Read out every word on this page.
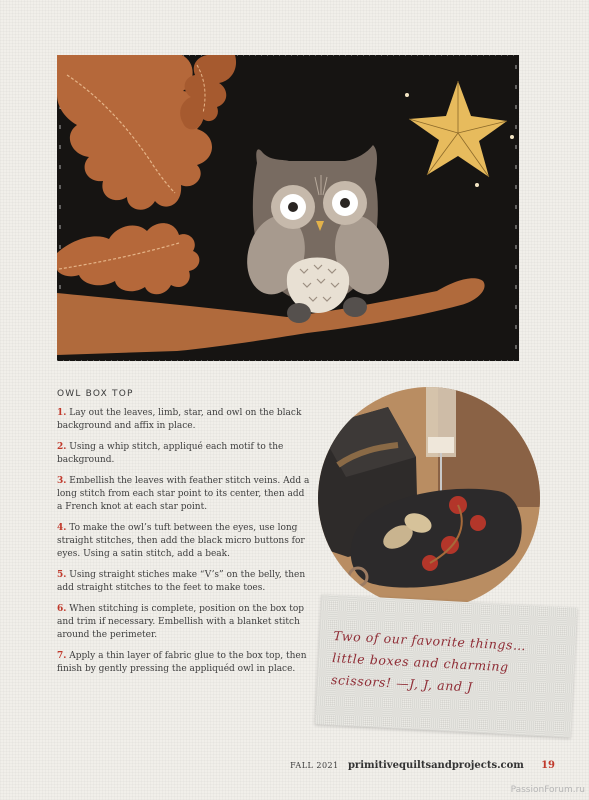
OWL BOX TOP
1. Lay out the leaves, limb, star, and owl on the black background and affix in place.
2. Using a whip stitch, appliqué each motif to the background.
3. Embellish the leaves with feather stitch veins. Add a long stitch from each star point to its center, then add a French knot at each star point.
4. To make the owl’s tuft between the eyes, use long straight stitches, then add the black micro buttons for eyes. Using a satin stitch, add a beak.
5. Using straight stiches make “V’s” on the belly, then add straight stitches to the feet to make toes.
6. When stitching is complete, position on the box top and trim if necessary. Embellish with a blanket stitch around the perimeter.
7. Apply a thin layer of fabric glue to the box top, then finish by gently pressing the appliquéd owl in place.
Two of our favorite things…
little boxes and charming
scissors! —J, J, and J
FALL 2021 primitivequiltsandprojects.com 19
PassionForum.ru
